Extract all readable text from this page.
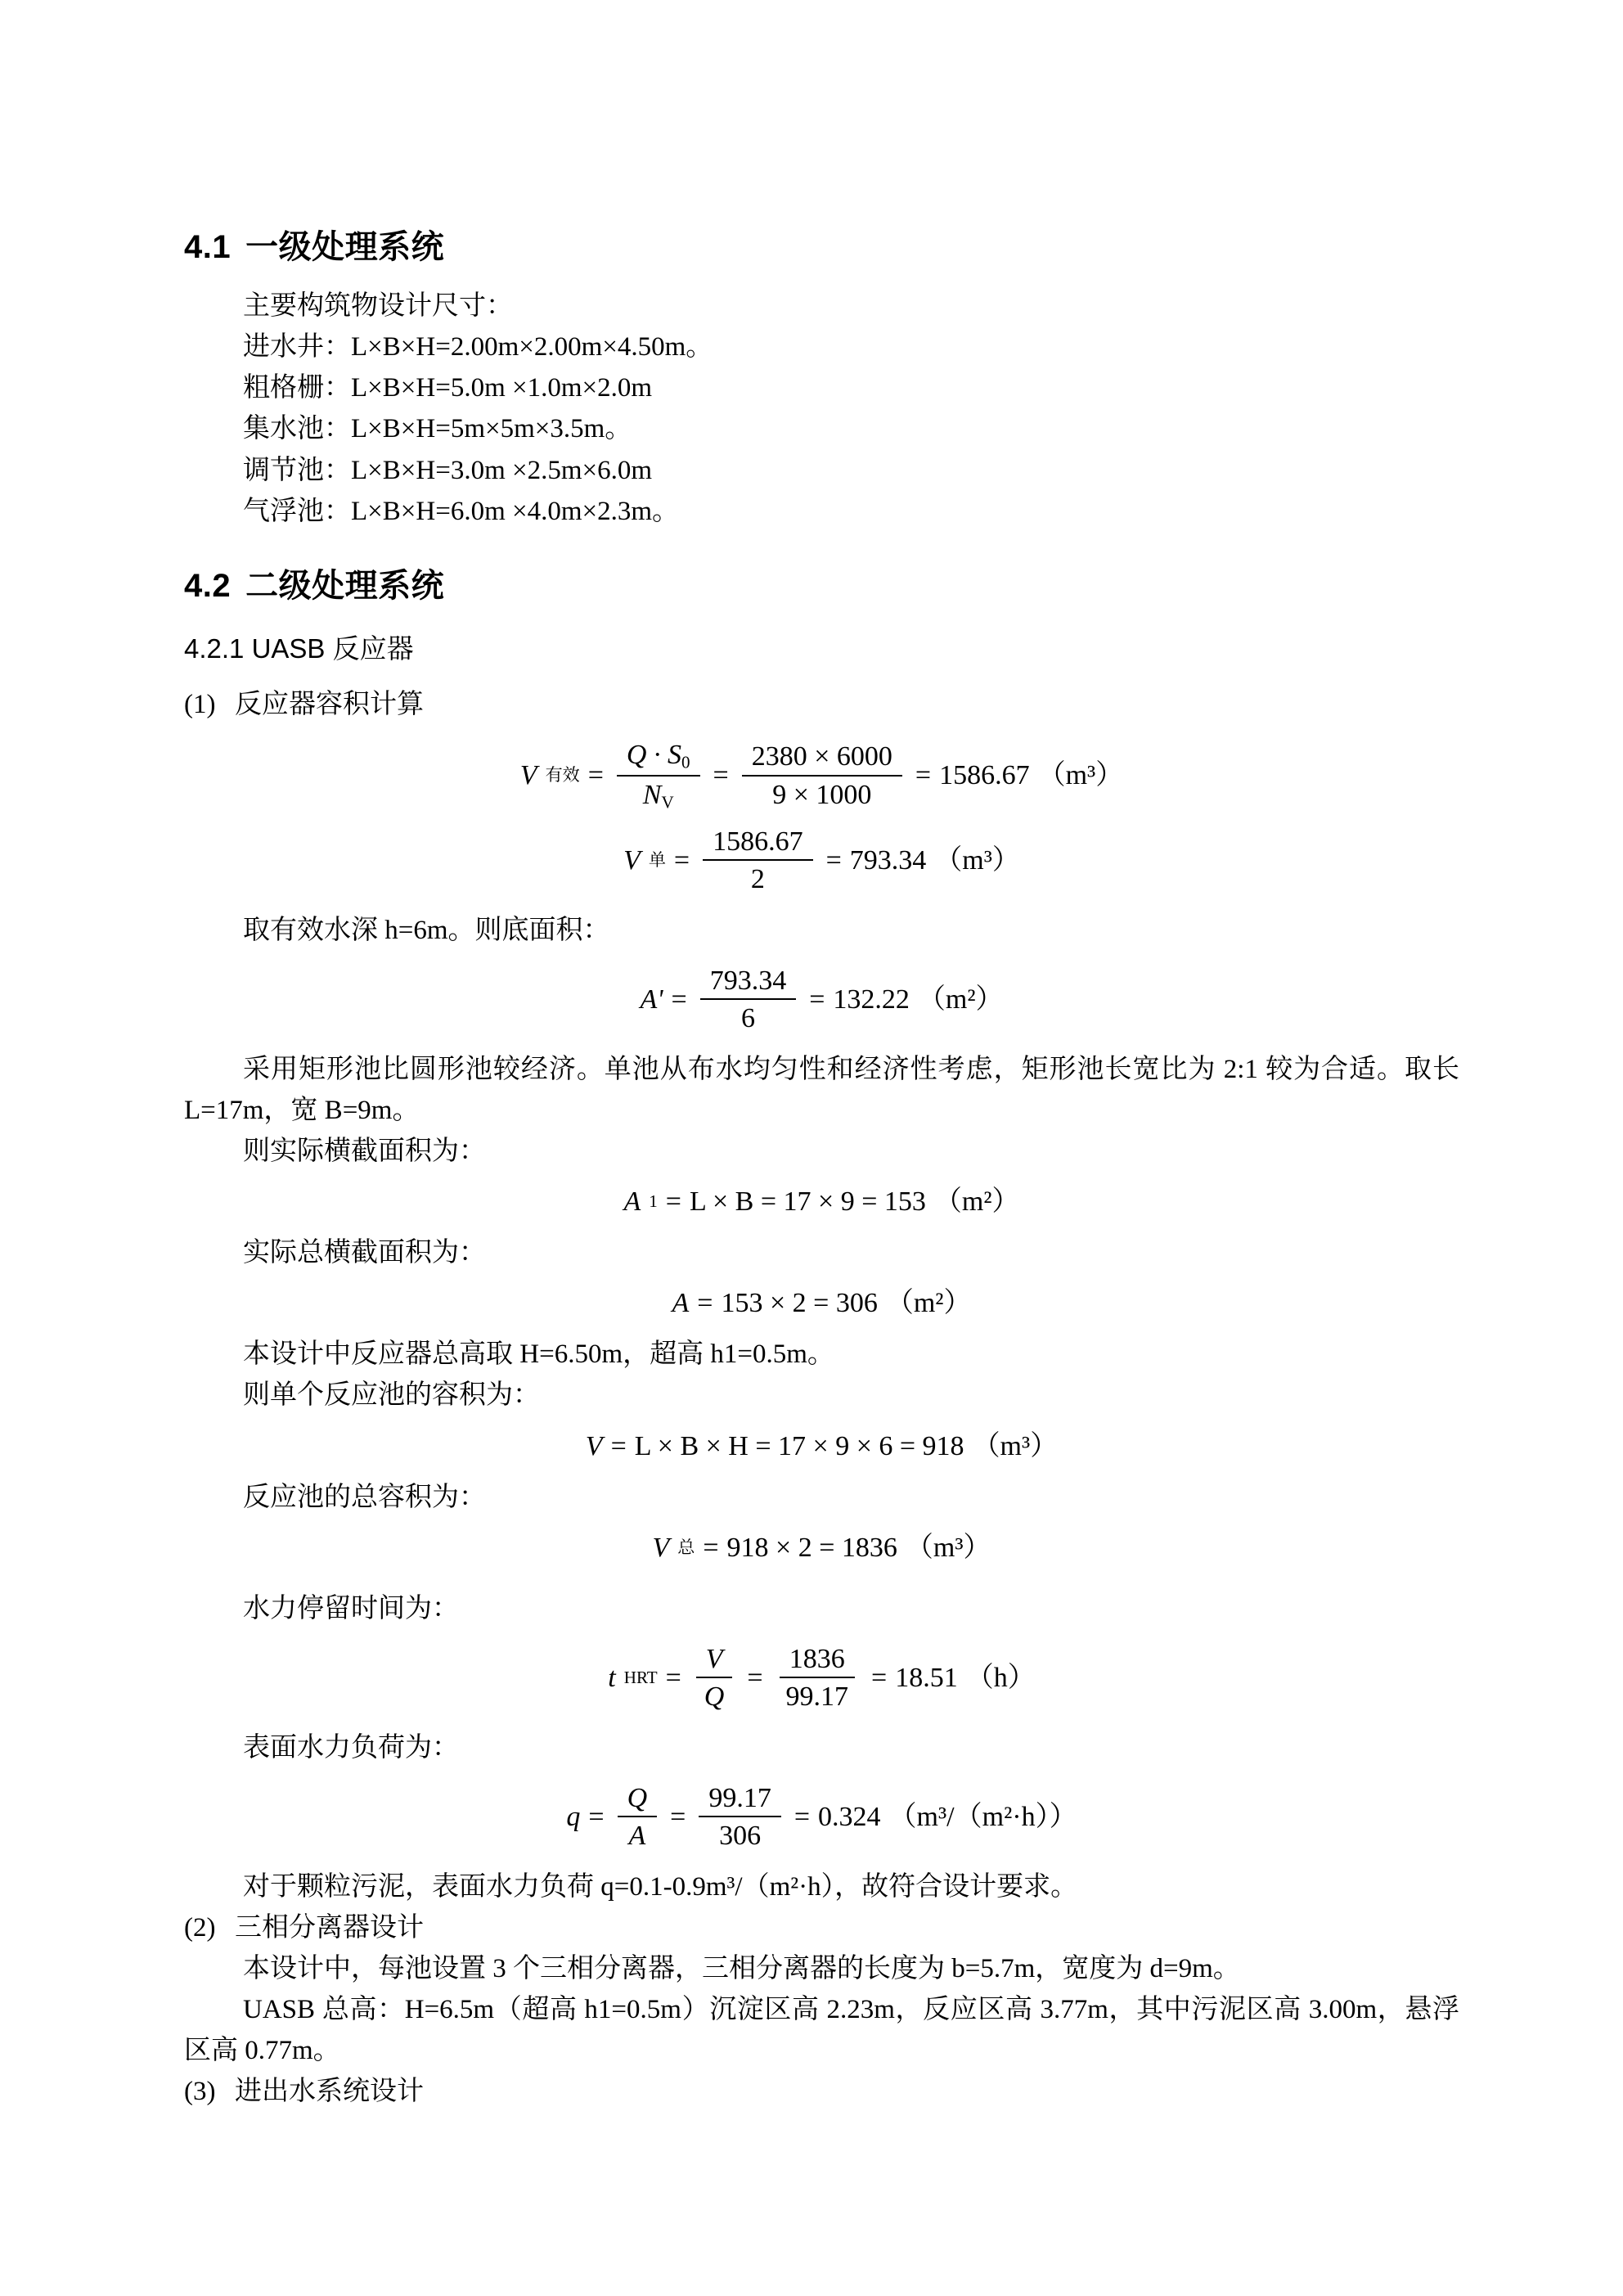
4.1 一级处理系统

主要构筑物设计尺寸：

进水井：L×B×H=2.00m×2.00m×4.50m。

粗格栅：L×B×H=5.0m ×1.0m×2.0m

集水池：L×B×H=5m×5m×3.5m。

调节池：L×B×H=3.0m ×2.5m×6.0m

气浮池：L×B×H=6.0m ×4.0m×2.3m。

4.2 二级处理系统

4.2.1 UASB 反应器

(1) 反应器容积计算

V 有效 = $\frac{Q \cdot S_0}{N_V} = \frac{2380 \times 6000}{9 \times 1000} = 1586.67$ （m³）
V 单 = $\frac{1586.67}{2} = 793.34$ （m³）

取有效水深 h=6m。则底面积：

$A' = \frac{793.34}{6} = 132.22$ （m²）

采用矩形池比圆形池较经济。单池从布水均匀性和经济性考虑，矩形池长宽比为 2:1 较为合适。取长 L=17m，宽 B=9m。

则实际横截面积为：

A 1 = L × B = 17 × 9 = 153 （m²）

实际总横截面积为：

A = 153 × 2 = 306 （m²）

本设计中反应器总高取 H=6.50m，超高 h1=0.5m。

则单个反应池的容积为：

V = L × B × H = 17 × 9 × 6 = 918 （m³）

反应池的总容积为：

V 总 = 918 × 2 = 1836 （m³）

水力停留时间为：

t HRT = $\frac{V}{Q} = \frac{1836}{99.17} = 18.51$ （h）

表面水力负荷为：

$q = \frac{Q}{A} = \frac{99.17}{306} = 0.324$ （m³/（m²·h））

对于颗粒污泥，表面水力负荷 q=0.1-0.9m³/（m²·h），故符合设计要求。

(2) 三相分离器设计

本设计中，每池设置 3 个三相分离器，三相分离器的长度为 b=5.7m，宽度为 d=9m。

UASB 总高：H=6.5m（超高 h1=0.5m）沉淀区高 2.23m，反应区高 3.77m，其中污泥区高 3.00m，悬浮区高 0.77m。

(3) 进出水系统设计
